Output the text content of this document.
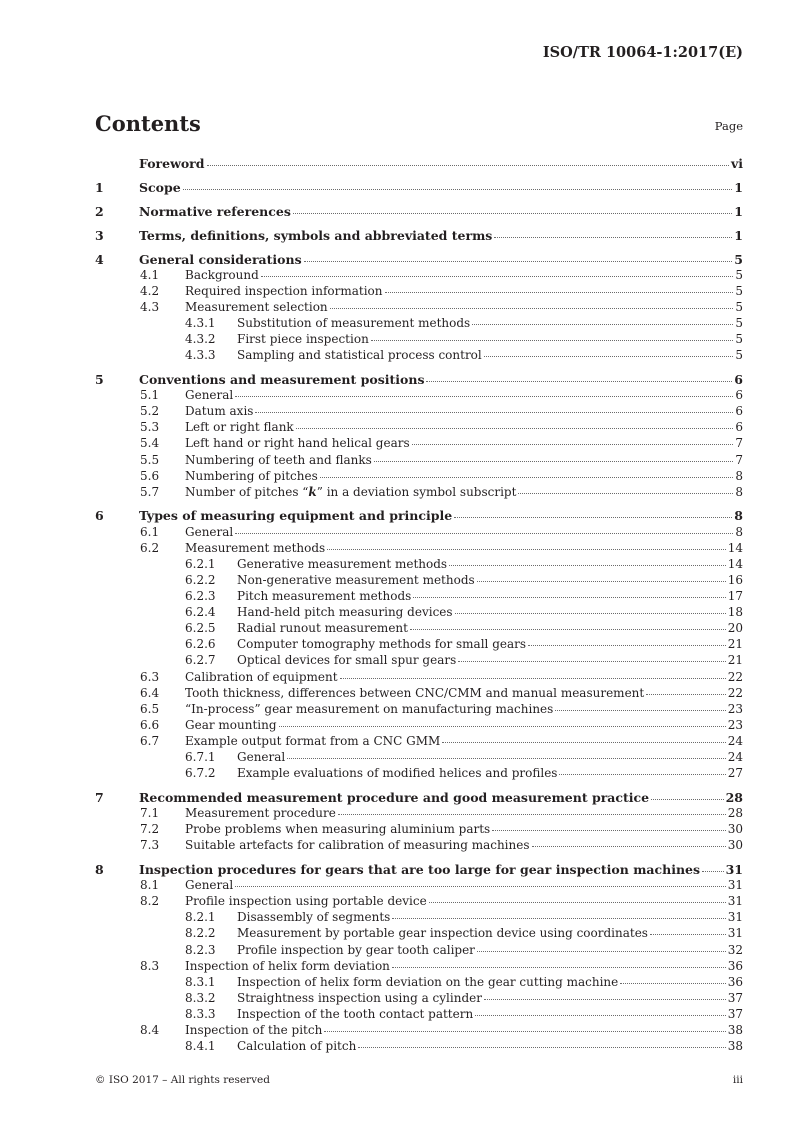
ISO/TR 10064-1:2017(E)
Contents	Page
Foreword	vi
1	Scope	1
2	Normative references	1
3	Terms, definitions, symbols and abbreviated terms	1
4	General considerations	5
4.1	Background	5
4.2	Required inspection information	5
4.3	Measurement selection	5
4.3.1	Substitution of measurement methods	5
4.3.2	First piece inspection	5
4.3.3	Sampling and statistical process control	5
5	Conventions and measurement positions	6
5.1	General	6
5.2	Datum axis	6
5.3	Left or right flank	6
5.4	Left hand or right hand helical gears	7
5.5	Numbering of teeth and flanks	7
5.6	Numbering of pitches	8
5.7	Number of pitches “k” in a deviation symbol subscript	8
6	Types of measuring equipment and principle	8
6.1	General	8
6.2	Measurement methods	14
6.2.1	Generative measurement methods	14
6.2.2	Non-generative measurement methods	16
6.2.3	Pitch measurement methods	17
6.2.4	Hand-held pitch measuring devices	18
6.2.5	Radial runout measurement	20
6.2.6	Computer tomography methods for small gears	21
6.2.7	Optical devices for small spur gears	21
6.3	Calibration of equipment	22
6.4	Tooth thickness, differences between CNC/CMM and manual measurement	22
6.5	“In-process” gear measurement on manufacturing machines	23
6.6	Gear mounting	23
6.7	Example output format from a CNC GMM	24
6.7.1	General	24
6.7.2	Example evaluations of modified helices and profiles	27
7	Recommended measurement procedure and good measurement practice	28
7.1	Measurement procedure	28
7.2	Probe problems when measuring aluminium parts	30
7.3	Suitable artefacts for calibration of measuring machines	30
8	Inspection procedures for gears that are too large for gear inspection machines 31
8.1	General	31
8.2	Profile inspection using portable device	31
8.2.1	Disassembly of segments	31
8.2.2	Measurement by portable gear inspection device using coordinates	31
8.2.3	Profile inspection by gear tooth caliper	32
8.3	Inspection of helix form deviation	36
8.3.1	Inspection of helix form deviation on the gear cutting machine	36
8.3.2	Straightness inspection using a cylinder	37
8.3.3	Inspection of the tooth contact pattern	37
8.4	Inspection of the pitch	38
8.4.1	Calculation of pitch	38
© ISO 2017 – All rights reserved	iii
